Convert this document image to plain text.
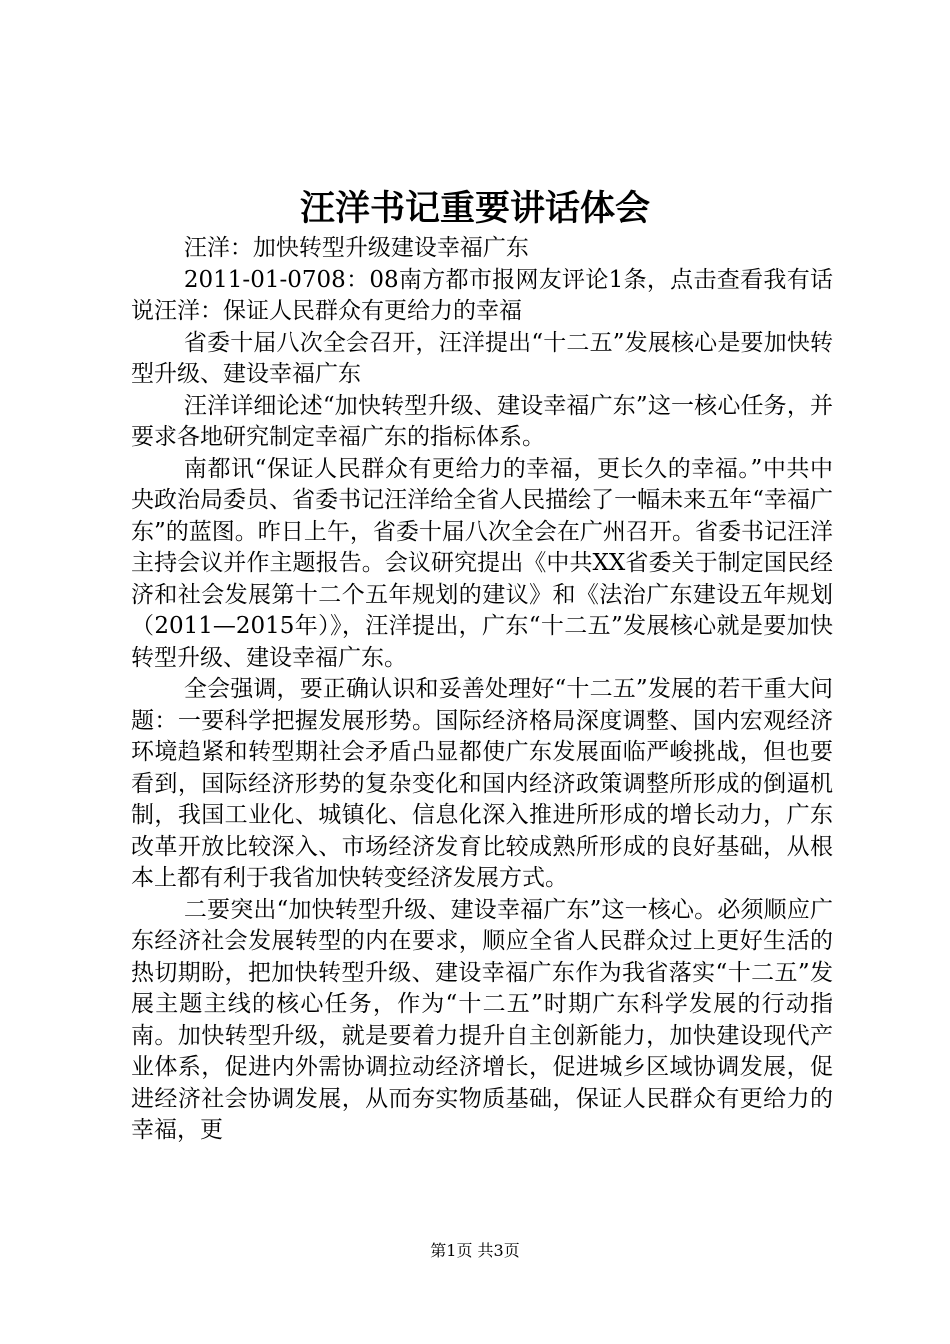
汪洋书记重要讲话体会

汪洋：加快转型升级建设幸福广东

2011-01-0708：08南方都市报网友评论1条，点击查看我有话说汪洋：保证人民群众有更给力的幸福

省委十届八次全会召开，汪洋提出“十二五”发展核心是要加快转型升级、建设幸福广东

汪洋详细论述“加快转型升级、建设幸福广东”这一核心任务，并要求各地研究制定幸福广东的指标体系。

南都讯“保证人民群众有更给力的幸福，更长久的幸福。”中共中央政治局委员、省委书记汪洋给全省人民描绘了一幅未来五年“幸福广东”的蓝图。昨日上午，省委十届八次全会在广州召开。省委书记汪洋主持会议并作主题报告。会议研究提出《中共XX省委关于制定国民经济和社会发展第十二个五年规划的建议》和《法治广东建设五年规划（2011—2015年）》，汪洋提出，广东“十二五”发展核心就是要加快转型升级、建设幸福广东。

全会强调，要正确认识和妥善处理好“十二五”发展的若干重大问题：一要科学把握发展形势。国际经济格局深度调整、国内宏观经济环境趋紧和转型期社会矛盾凸显都使广东发展面临严峻挑战，但也要看到，国际经济形势的复杂变化和国内经济政策调整所形成的倒逼机制，我国工业化、城镇化、信息化深入推进所形成的增长动力，广东改革开放比较深入、市场经济发育比较成熟所形成的良好基础，从根本上都有利于我省加快转变经济发展方式。

二要突出“加快转型升级、建设幸福广东”这一核心。必须顺应广东经济社会发展转型的内在要求，顺应全省人民群众过上更好生活的热切期盼，把加快转型升级、建设幸福广东作为我省落实“十二五”发展主题主线的核心任务，作为“十二五”时期广东科学发展的行动指南。加快转型升级，就是要着力提升自主创新能力，加快建设现代产业体系，促进内外需协调拉动经济增长，促进城乡区域协调发展，促进经济社会协调发展，从而夯实物质基础，保证人民群众有更给力的幸福，更

第1页 共3页
